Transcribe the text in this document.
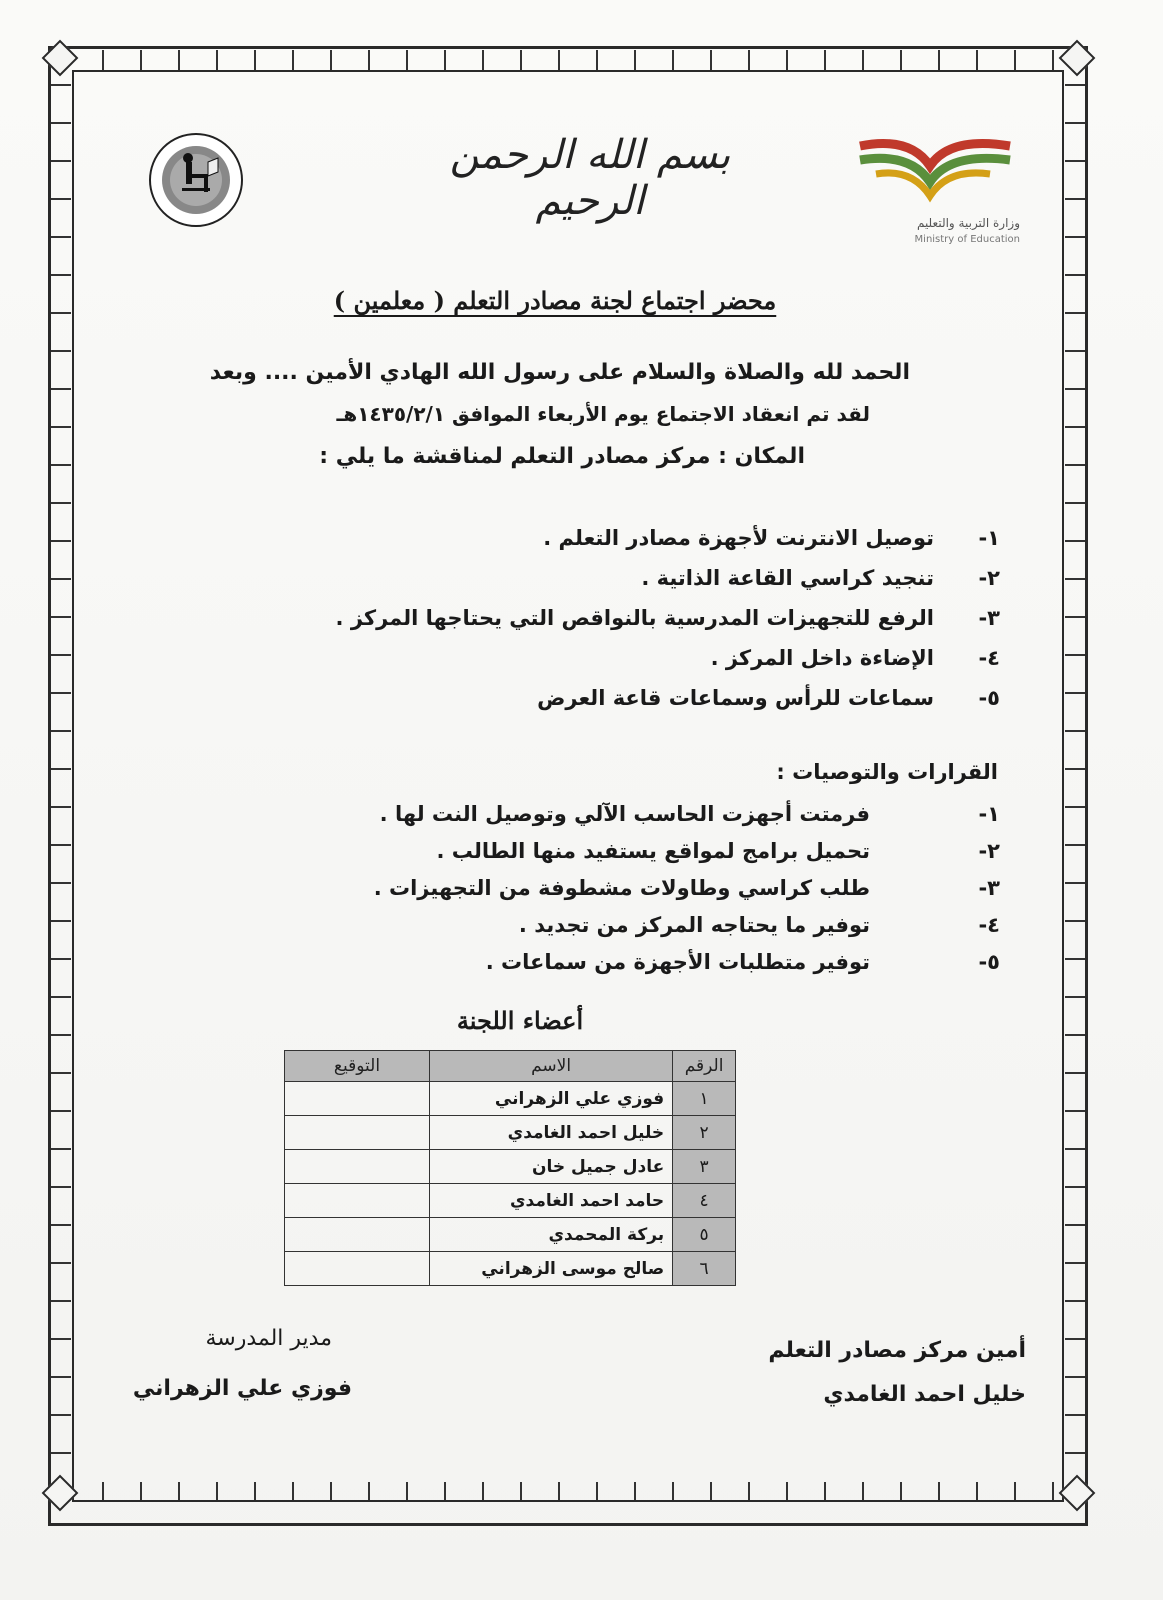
وزارة التربية والتعليم
Ministry of Education
بسم الله الرحمن الرحيم
محضر اجتماع لجنة مصادر التعلم ( معلمين )
الحمد لله والصلاة والسلام على رسول الله الهادي الأمين .... وبعد
لقد تم انعقاد الاجتماع يوم الأربعاء الموافق ١٤٣٥/٢/١هـ
المكان : مركز مصادر التعلم لمناقشة ما يلي :
١-
توصيل الانترنت لأجهزة مصادر التعلم .
٢-
تنجيد كراسي القاعة الذاتية .
٣-
الرفع للتجهيزات المدرسية بالنواقص التي يحتاجها المركز .
٤-
الإضاءة داخل المركز .
٥-
سماعات للرأس وسماعات قاعة العرض
القرارات والتوصيات :
١-
فرمتت أجهزت الحاسب الآلي وتوصيل النت لها .
٢-
تحميل برامج لمواقع يستفيد منها الطالب .
٣-
طلب كراسي وطاولات مشطوفة من التجهيزات .
٤-
توفير ما يحتاجه المركز من تجديد .
٥-
توفير متطلبات الأجهزة من سماعات .
أعضاء اللجنة
الرقم	الاسم	التوقيع
١	فوزي علي الزهراني	
٢	خليل احمد الغامدي	
٣	عادل جميل خان	
٤	حامد احمد الغامدي	
٥	بركة المحمدي	
٦	صالح موسى الزهراني	
أمين مركز مصادر التعلم
خليل احمد الغامدي
مدير المدرسة
فوزي علي الزهراني
